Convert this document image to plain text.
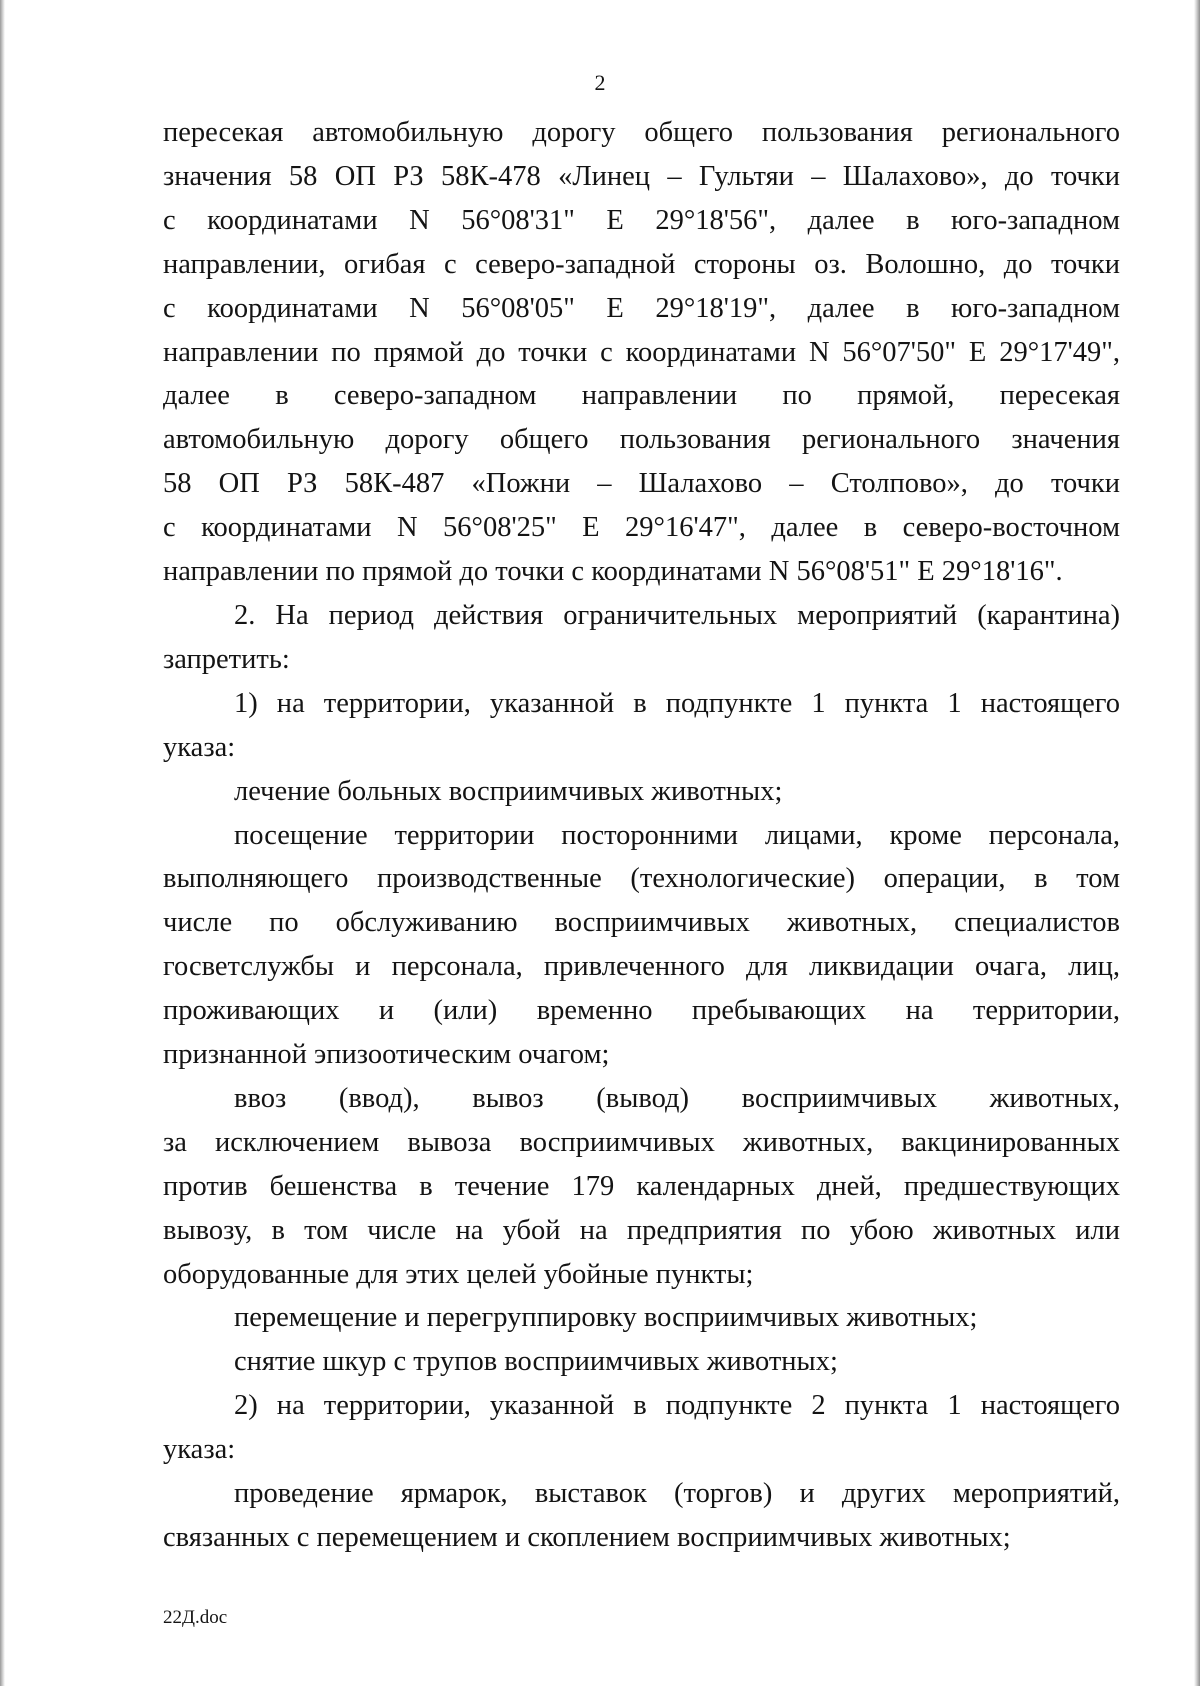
2
пересекая автомобильную дорогу общего пользования регионального
значения 58 ОП РЗ 58К-478 «Линец – Гультяи – Шалахово», до точки
с координатами N 56°08'31" E 29°18'56", далее в юго-западном
направлении, огибая с северо-западной стороны оз. Волошно, до точки
с координатами N 56°08'05" E 29°18'19", далее в юго-западном
направлении по прямой до точки с координатами N 56°07'50" E 29°17'49",
далее в северо-западном направлении по прямой, пересекая
автомобильную дорогу общего пользования регионального значения
58 ОП РЗ 58К-487 «Пожни – Шалахово – Столпово», до точки
с координатами N 56°08'25" E 29°16'47", далее в северо-восточном
направлении по прямой до точки с координатами N 56°08'51" E 29°18'16".
2. На период действия ограничительных мероприятий (карантина)
запретить:
1) на территории, указанной в подпункте 1 пункта 1 настоящего
указа:
лечение больных восприимчивых животных;
посещение территории посторонними лицами, кроме персонала,
выполняющего производственные (технологические) операции, в том
числе по обслуживанию восприимчивых животных, специалистов
госветслужбы и персонала, привлеченного для ликвидации очага, лиц,
проживающих и (или) временно пребывающих на территории,
признанной эпизоотическим очагом;
ввоз (ввод), вывоз (вывод) восприимчивых животных,
за исключением вывоза восприимчивых животных, вакцинированных
против бешенства в течение 179 календарных дней, предшествующих
вывозу, в том числе на убой на предприятия по убою животных или
оборудованные для этих целей убойные пункты;
перемещение и перегруппировку восприимчивых животных;
снятие шкур с трупов восприимчивых животных;
2) на территории, указанной в подпункте 2 пункта 1 настоящего
указа:
проведение ярмарок, выставок (торгов) и других мероприятий,
связанных с перемещением и скоплением восприимчивых животных;
22Д.doc
